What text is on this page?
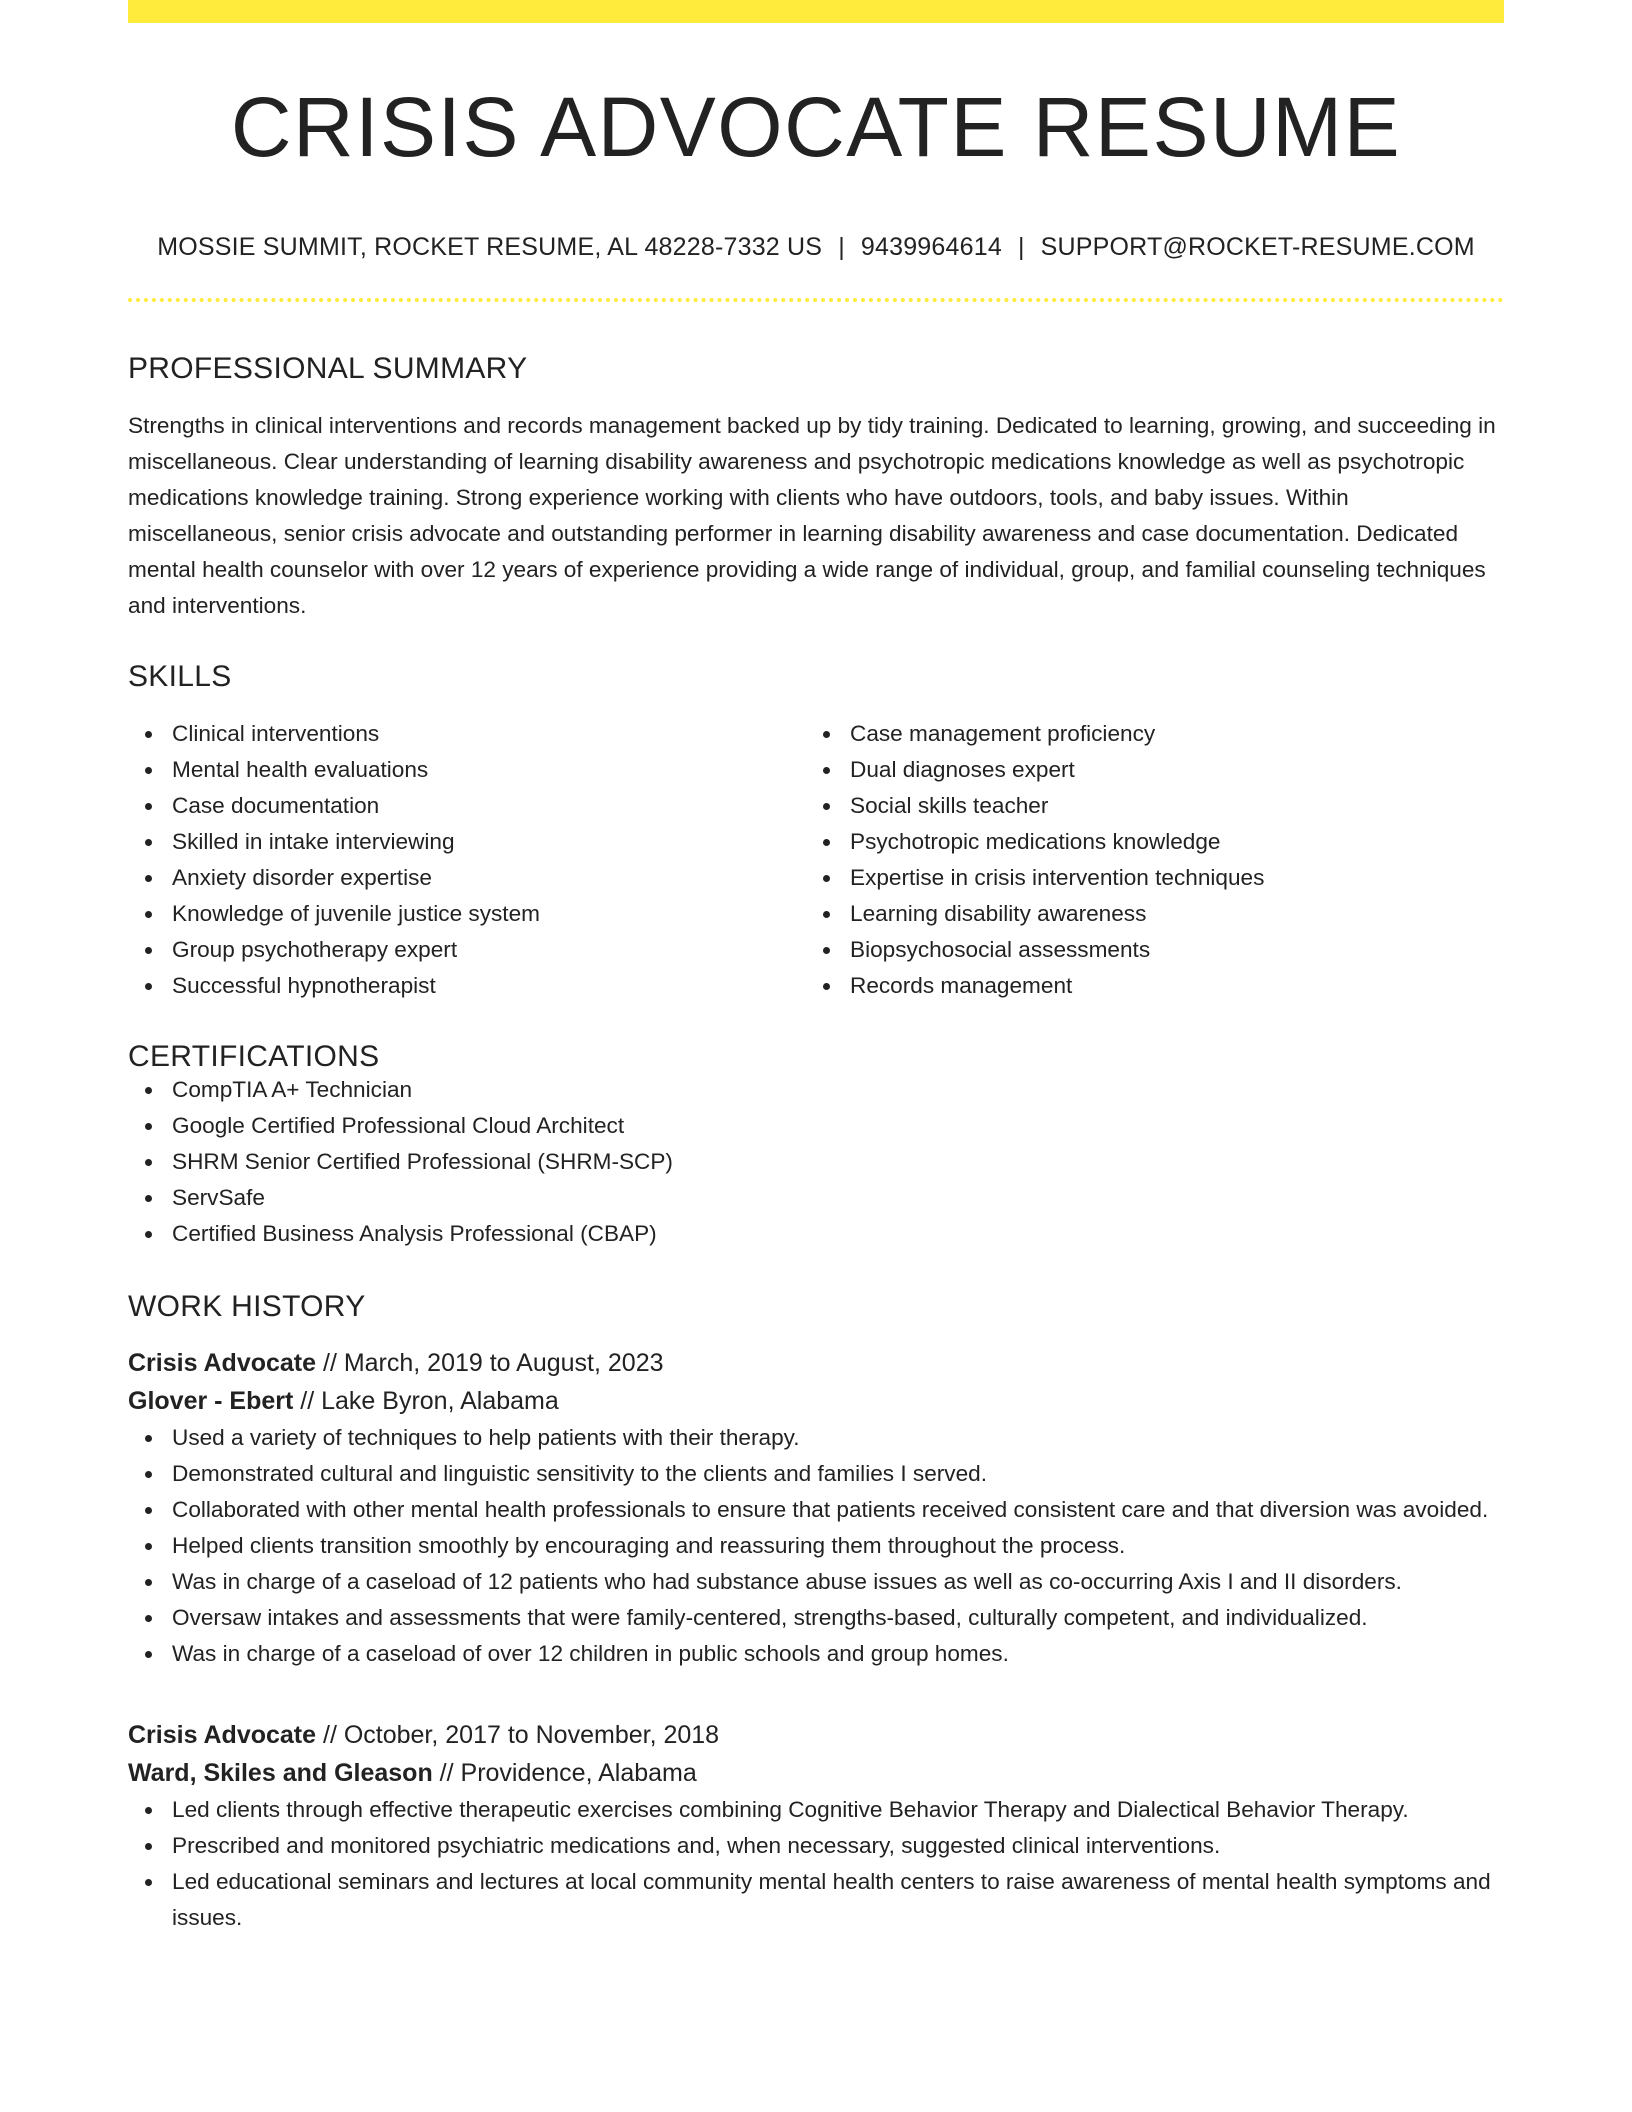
CRISIS ADVOCATE RESUME
MOSSIE SUMMIT, ROCKET RESUME, AL 48228-7332 US | 9439964614 | SUPPORT@ROCKET-RESUME.COM
PROFESSIONAL SUMMARY

Strengths in clinical interventions and records management backed up by tidy training. Dedicated to learning, growing, and succeeding in miscellaneous. Clear understanding of learning disability awareness and psychotropic medications knowledge as well as psychotropic medications knowledge training. Strong experience working with clients who have outdoors, tools, and baby issues. Within miscellaneous, senior crisis advocate and outstanding performer in learning disability awareness and case documentation. Dedicated mental health counselor with over 12 years of experience providing a wide range of individual, group, and familial counseling techniques and interventions.

SKILLS
Clinical interventions
Mental health evaluations
Case documentation
Skilled in intake interviewing
Anxiety disorder expertise
Knowledge of juvenile justice system
Group psychotherapy expert
Successful hypnotherapist
Case management proficiency
Dual diagnoses expert
Social skills teacher
Psychotropic medications knowledge
Expertise in crisis intervention techniques
Learning disability awareness
Biopsychosocial assessments
Records management
CERTIFICATIONS
CompTIA A+ Technician
Google Certified Professional Cloud Architect
SHRM Senior Certified Professional (SHRM-SCP)
ServSafe
Certified Business Analysis Professional (CBAP)
WORK HISTORY
Crisis Advocate // March, 2019 to August, 2023
Glover - Ebert // Lake Byron, Alabama
Used a variety of techniques to help patients with their therapy.
Demonstrated cultural and linguistic sensitivity to the clients and families I served.
Collaborated with other mental health professionals to ensure that patients received consistent care and that diversion was avoided.
Helped clients transition smoothly by encouraging and reassuring them throughout the process.
Was in charge of a caseload of 12 patients who had substance abuse issues as well as co-occurring Axis I and II disorders.
Oversaw intakes and assessments that were family-centered, strengths-based, culturally competent, and individualized.
Was in charge of a caseload of over 12 children in public schools and group homes.
Crisis Advocate // October, 2017 to November, 2018
Ward, Skiles and Gleason // Providence, Alabama
Led clients through effective therapeutic exercises combining Cognitive Behavior Therapy and Dialectical Behavior Therapy.
Prescribed and monitored psychiatric medications and, when necessary, suggested clinical interventions.
Led educational seminars and lectures at local community mental health centers to raise awareness of mental health symptoms and issues.
